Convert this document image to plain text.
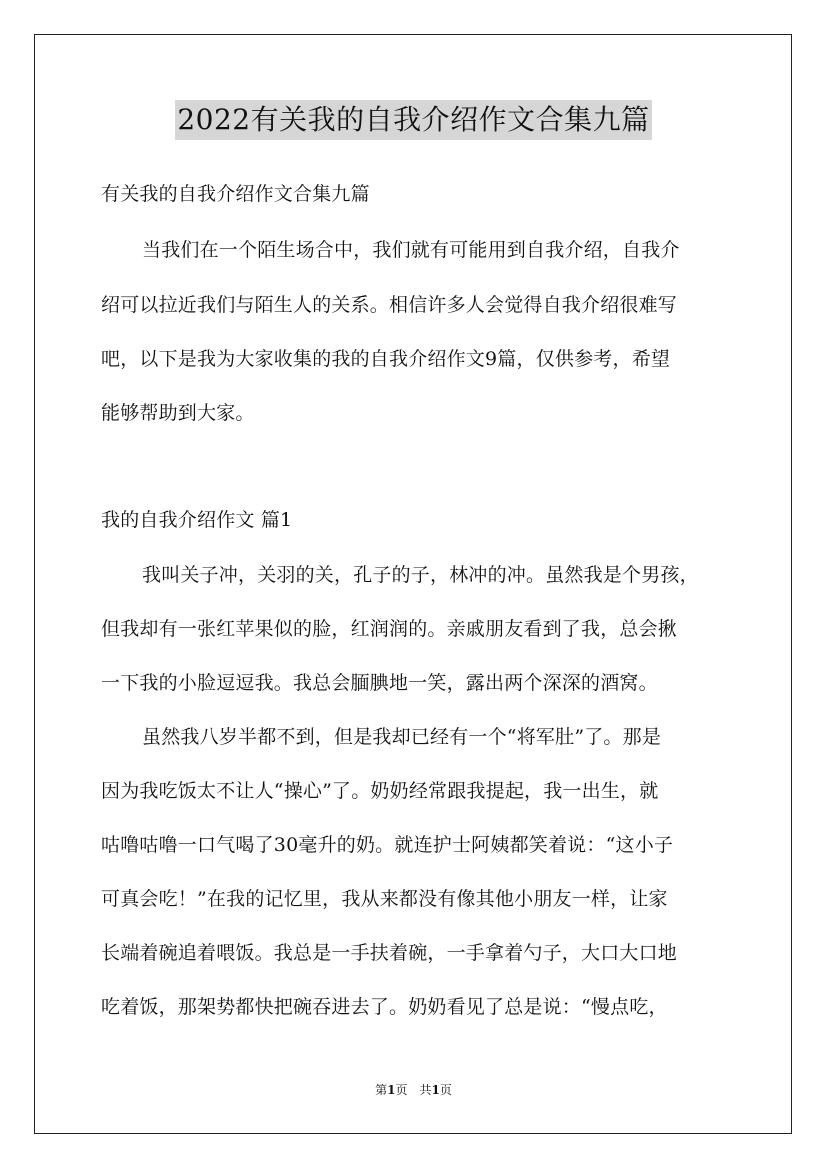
2022有关我的自我介绍作文合集九篇
有关我的自我介绍作文合集九篇
当我们在一个陌生场合中，我们就有可能用到自我介绍，自我介
绍可以拉近我们与陌生人的关系。相信许多人会觉得自我介绍很难写
吧，以下是我为大家收集的我的自我介绍作文9篇，仅供参考，希望
能够帮助到大家。
我的自我介绍作文 篇1
我叫关子冲，关羽的关，孔子的子，林冲的冲。虽然我是个男孩，
但我却有一张红苹果似的脸，红润润的。亲戚朋友看到了我，总会揪
一下我的小脸逗逗我。我总会腼腆地一笑，露出两个深深的酒窝。
虽然我八岁半都不到，但是我却已经有一个“将军肚”了。那是
因为我吃饭太不让人“操心”了。奶奶经常跟我提起，我一出生，就
咕噜咕噜一口气喝了30毫升的奶。就连护士阿姨都笑着说：“这小子
可真会吃！”在我的记忆里，我从来都没有像其他小朋友一样，让家
长端着碗追着喂饭。我总是一手扶着碗，一手拿着勺子，大口大口地
吃着饭，那架势都快把碗吞进去了。奶奶看见了总是说：“慢点吃，
第1页　共1页
